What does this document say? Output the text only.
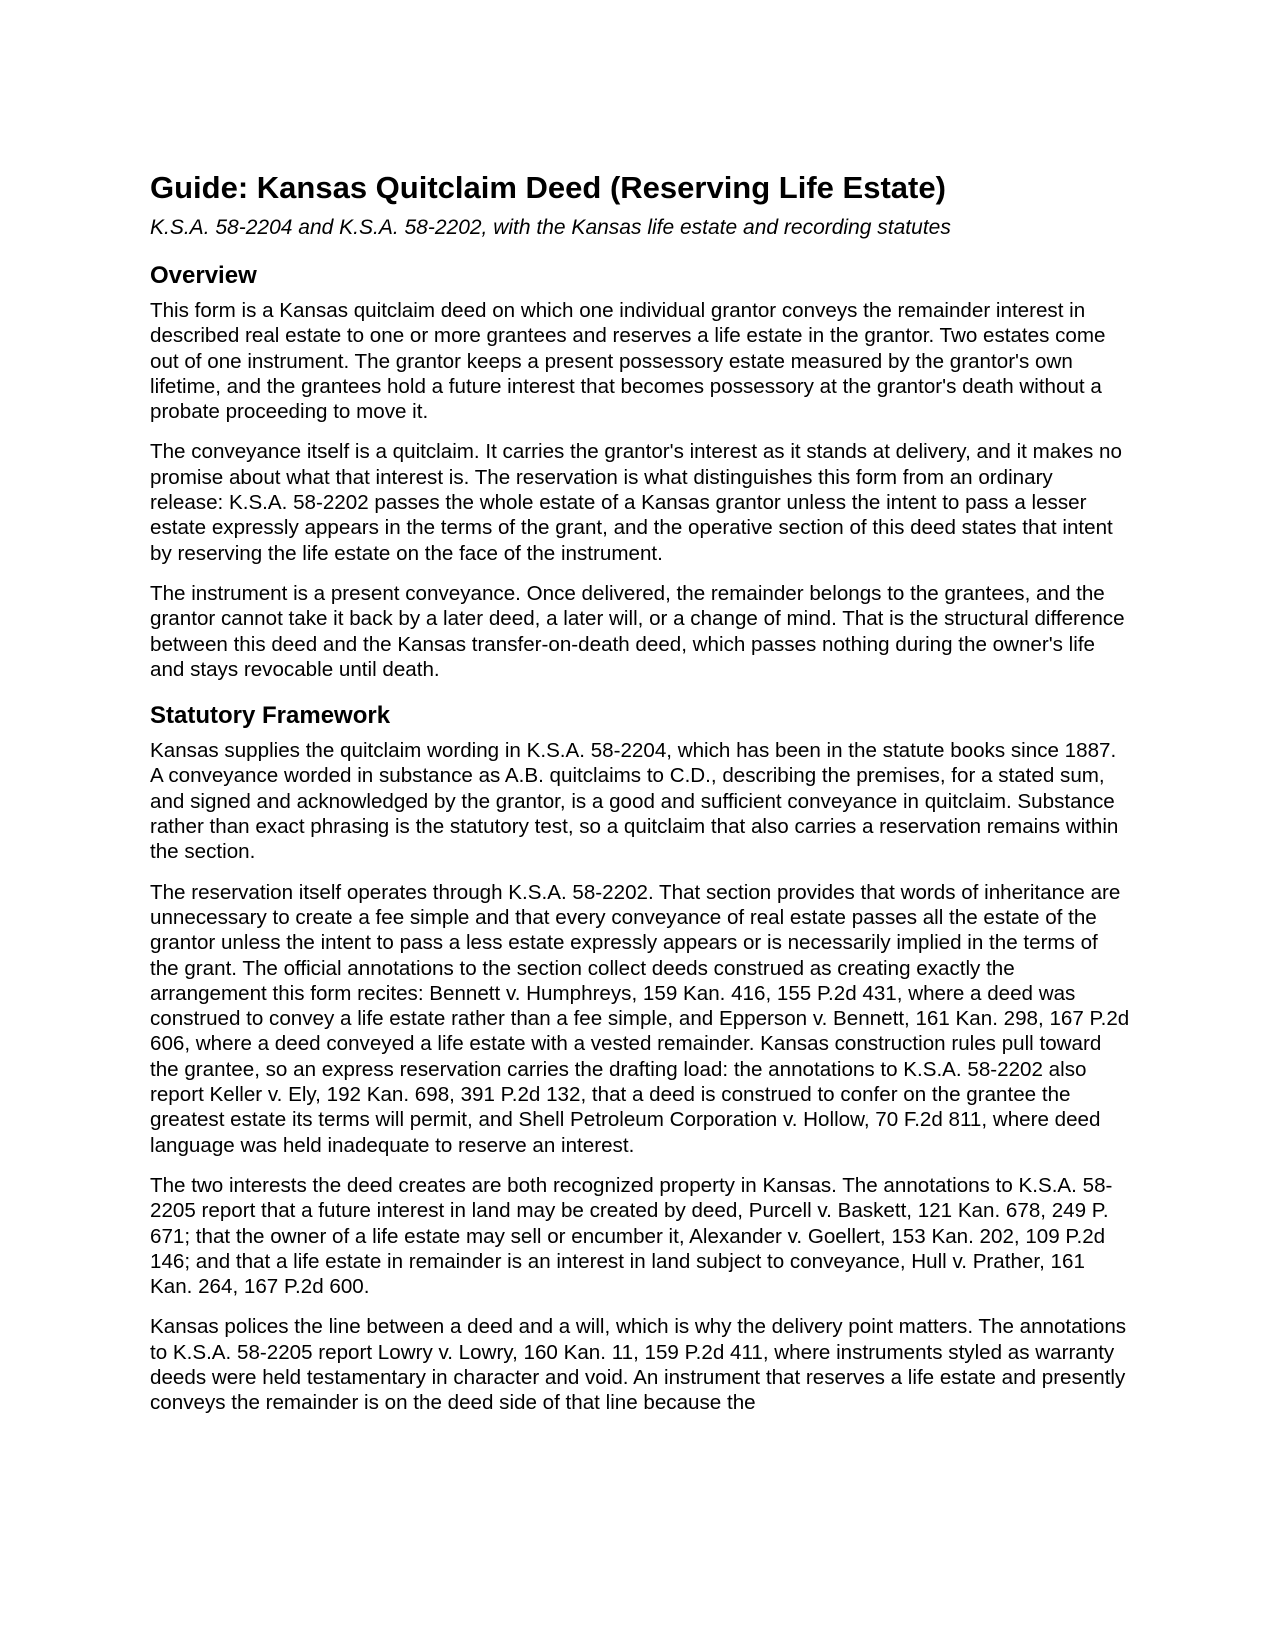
Guide: Kansas Quitclaim Deed (Reserving Life Estate)
K.S.A. 58-2204 and K.S.A. 58-2202, with the Kansas life estate and recording statutes
Overview

This form is a Kansas quitclaim deed on which one individual grantor conveys the remainder interest in described real estate to one or more grantees and reserves a life estate in the grantor. Two estates come out of one instrument. The grantor keeps a present possessory estate measured by the grantor's own lifetime, and the grantees hold a future interest that becomes possessory at the grantor's death without a probate proceeding to move it.

The conveyance itself is a quitclaim. It carries the grantor's interest as it stands at delivery, and it makes no promise about what that interest is. The reservation is what distinguishes this form from an ordinary release: K.S.A. 58-2202 passes the whole estate of a Kansas grantor unless the intent to pass a lesser estate expressly appears in the terms of the grant, and the operative section of this deed states that intent by reserving the life estate on the face of the instrument.

The instrument is a present conveyance. Once delivered, the remainder belongs to the grantees, and the grantor cannot take it back by a later deed, a later will, or a change of mind. That is the structural difference between this deed and the Kansas transfer-on-death deed, which passes nothing during the owner's life and stays revocable until death.

Statutory Framework

Kansas supplies the quitclaim wording in K.S.A. 58-2204, which has been in the statute books since 1887. A conveyance worded in substance as A.B. quitclaims to C.D., describing the premises, for a stated sum, and signed and acknowledged by the grantor, is a good and sufficient conveyance in quitclaim. Substance rather than exact phrasing is the statutory test, so a quitclaim that also carries a reservation remains within the section.

The reservation itself operates through K.S.A. 58-2202. That section provides that words of inheritance are unnecessary to create a fee simple and that every conveyance of real estate passes all the estate of the grantor unless the intent to pass a less estate expressly appears or is necessarily implied in the terms of the grant. The official annotations to the section collect deeds construed as creating exactly the arrangement this form recites: Bennett v. Humphreys, 159 Kan. 416, 155 P.2d 431, where a deed was construed to convey a life estate rather than a fee simple, and Epperson v. Bennett, 161 Kan. 298, 167 P.2d 606, where a deed conveyed a life estate with a vested remainder. Kansas construction rules pull toward the grantee, so an express reservation carries the drafting load: the annotations to K.S.A. 58-2202 also report Keller v. Ely, 192 Kan. 698, 391 P.2d 132, that a deed is construed to confer on the grantee the greatest estate its terms will permit, and Shell Petroleum Corporation v. Hollow, 70 F.2d 811, where deed language was held inadequate to reserve an interest.

The two interests the deed creates are both recognized property in Kansas. The annotations to K.S.A. 58-2205 report that a future interest in land may be created by deed, Purcell v. Baskett, 121 Kan. 678, 249 P. 671; that the owner of a life estate may sell or encumber it, Alexander v. Goellert, 153 Kan. 202, 109 P.2d 146; and that a life estate in remainder is an interest in land subject to conveyance, Hull v. Prather, 161 Kan. 264, 167 P.2d 600.

Kansas polices the line between a deed and a will, which is why the delivery point matters. The annotations to K.S.A. 58-2205 report Lowry v. Lowry, 160 Kan. 11, 159 P.2d 411, where instruments styled as warranty deeds were held testamentary in character and void. An instrument that reserves a life estate and presently conveys the remainder is on the deed side of that line because the
